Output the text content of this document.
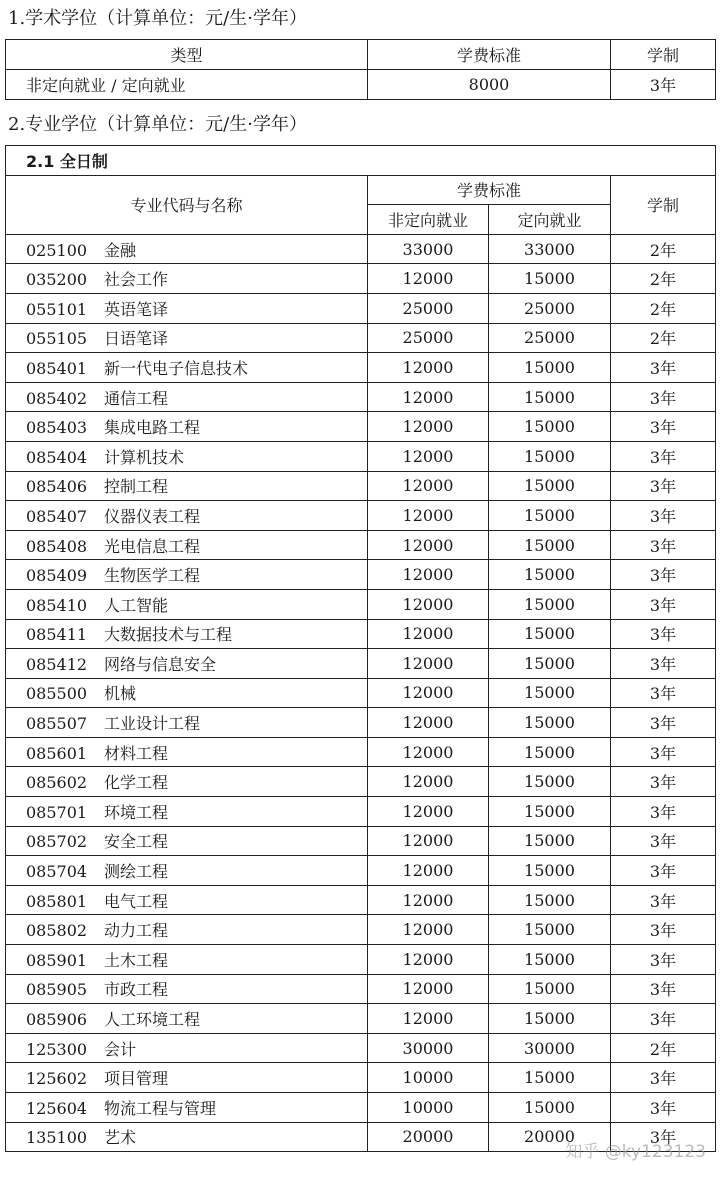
1.学术学位（计算单位：元/生·学年）
类型	学费标准	学制
非定向就业 / 定向就业	8000	3年
2.专业学位（计算单位：元/生·学年）
2.1 全日制			
专业代码与名称	学费标准		学制
	非定向就业	定向就业	
025100 金融	33000	33000	2年
035200 社会工作	12000	15000	2年
055101 英语笔译	25000	25000	2年
055105 日语笔译	25000	25000	2年
085401 新一代电子信息技术	12000	15000	3年
085402 通信工程	12000	15000	3年
085403 集成电路工程	12000	15000	3年
085404 计算机技术	12000	15000	3年
085406 控制工程	12000	15000	3年
085407 仪器仪表工程	12000	15000	3年
085408 光电信息工程	12000	15000	3年
085409 生物医学工程	12000	15000	3年
085410 人工智能	12000	15000	3年
085411 大数据技术与工程	12000	15000	3年
085412 网络与信息安全	12000	15000	3年
085500 机械	12000	15000	3年
085507 工业设计工程	12000	15000	3年
085601 材料工程	12000	15000	3年
085602 化学工程	12000	15000	3年
085701 环境工程	12000	15000	3年
085702 安全工程	12000	15000	3年
085704 测绘工程	12000	15000	3年
085801 电气工程	12000	15000	3年
085802 动力工程	12000	15000	3年
085901 土木工程	12000	15000	3年
085905 市政工程	12000	15000	3年
085906 人工环境工程	12000	15000	3年
125300 会计	30000	30000	2年
125602 项目管理	10000	15000	3年
125604 物流工程与管理	10000	15000	3年
135100 艺术	20000	20000	3年
知乎 @ky123123
